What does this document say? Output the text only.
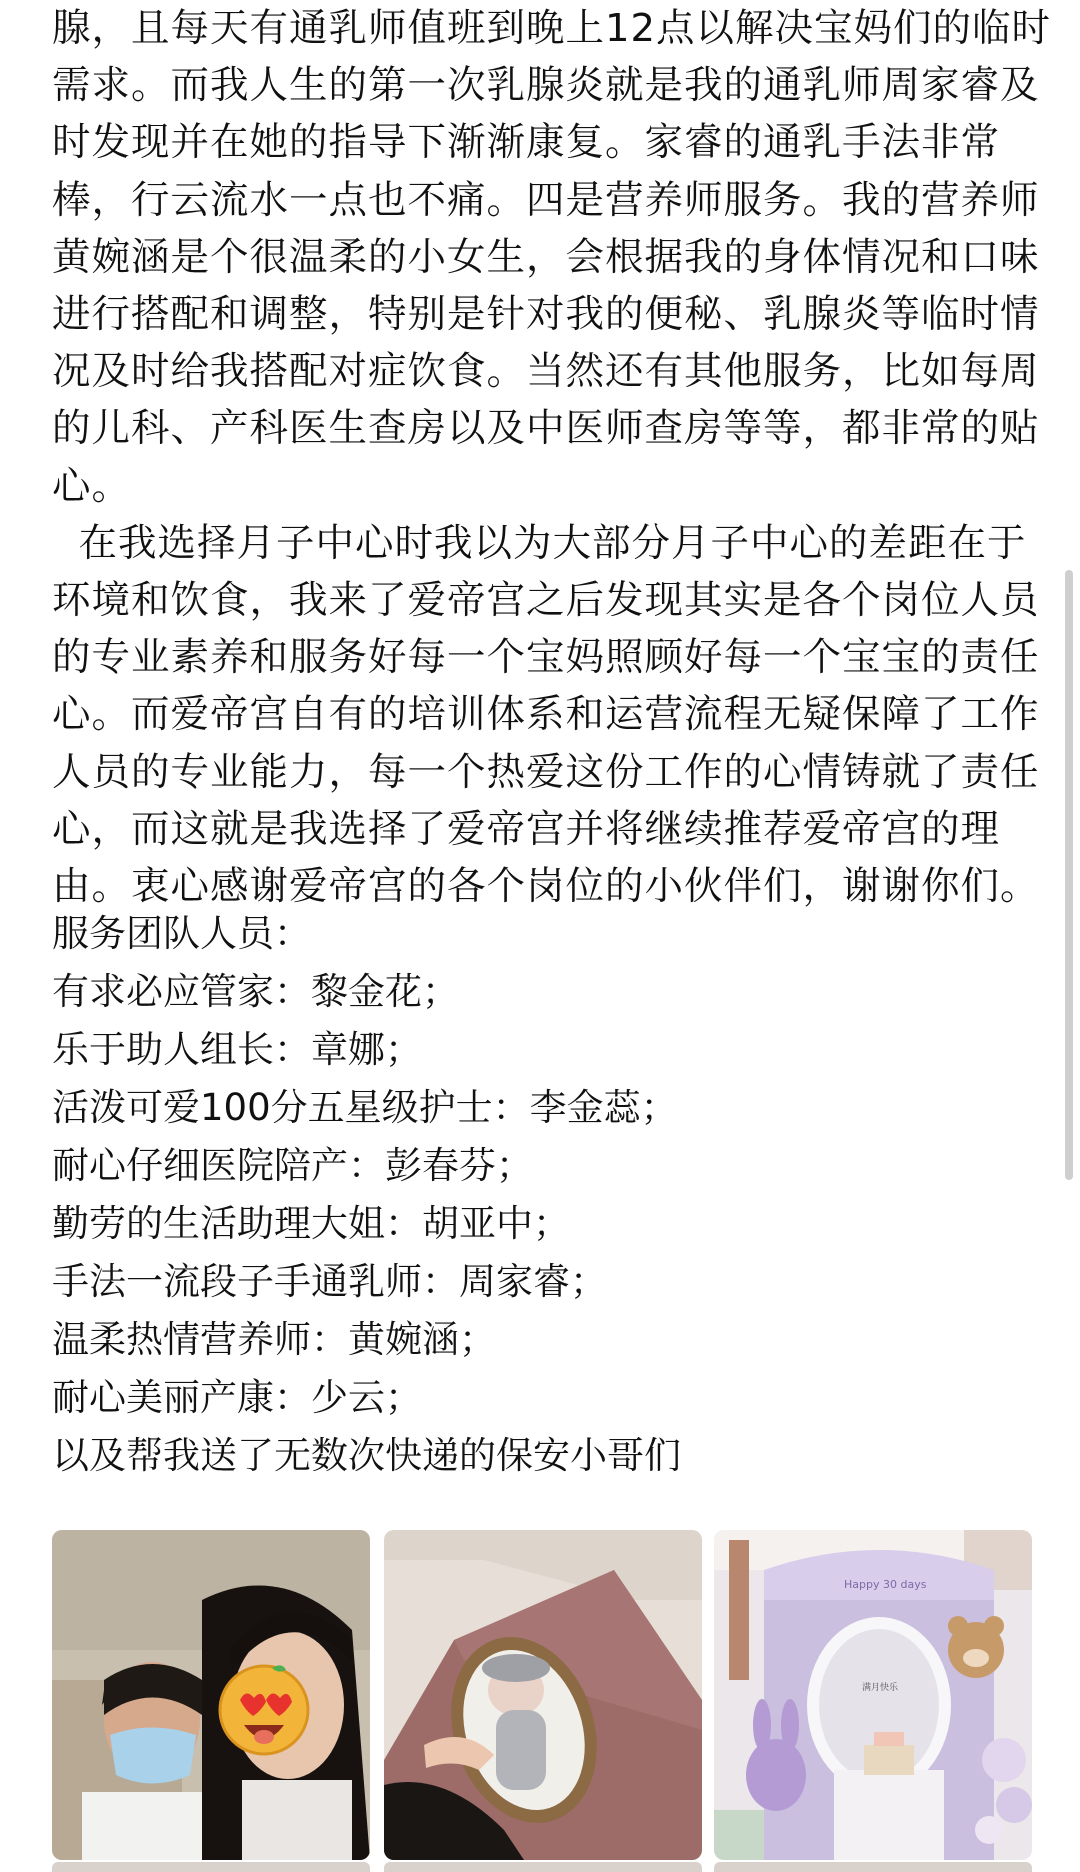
腺，且每天有通乳师值班到晚上12点以解决宝妈们的临时

需求。而我人生的第一次乳腺炎就是我的通乳师周家睿及

时发现并在她的指导下渐渐康复。家睿的通乳手法非常

棒，行云流水一点也不痛。四是营养师服务。我的营养师

黄婉涵是个很温柔的小女生，会根据我的身体情况和口味

进行搭配和调整，特别是针对我的便秘、乳腺炎等临时情

况及时给我搭配对症饮食。当然还有其他服务，比如每周

的儿科、产科医生查房以及中医师查房等等，都非常的贴

心。

在我选择月子中心时我以为大部分月子中心的差距在于

环境和饮食，我来了爱帝宫之后发现其实是各个岗位人员

的专业素养和服务好每一个宝妈照顾好每一个宝宝的责任

心。而爱帝宫自有的培训体系和运营流程无疑保障了工作

人员的专业能力，每一个热爱这份工作的心情铸就了责任

心，而这就是我选择了爱帝宫并将继续推荐爱帝宫的理

由。衷心感谢爱帝宫的各个岗位的小伙伴们，谢谢你们。

服务团队人员：

有求必应管家：黎金花；

乐于助人组长：章娜；

活泼可爱100分五星级护士：李金蕊；

耐心仔细医院陪产：彭春芬；

勤劳的生活助理大姐：胡亚中；

手法一流段子手通乳师：周家睿；

温柔热情营养师：黄婉涵；

耐心美丽产康：少云；

以及帮我送了无数次快递的保安小哥们

Happy 30 days
满月快乐
